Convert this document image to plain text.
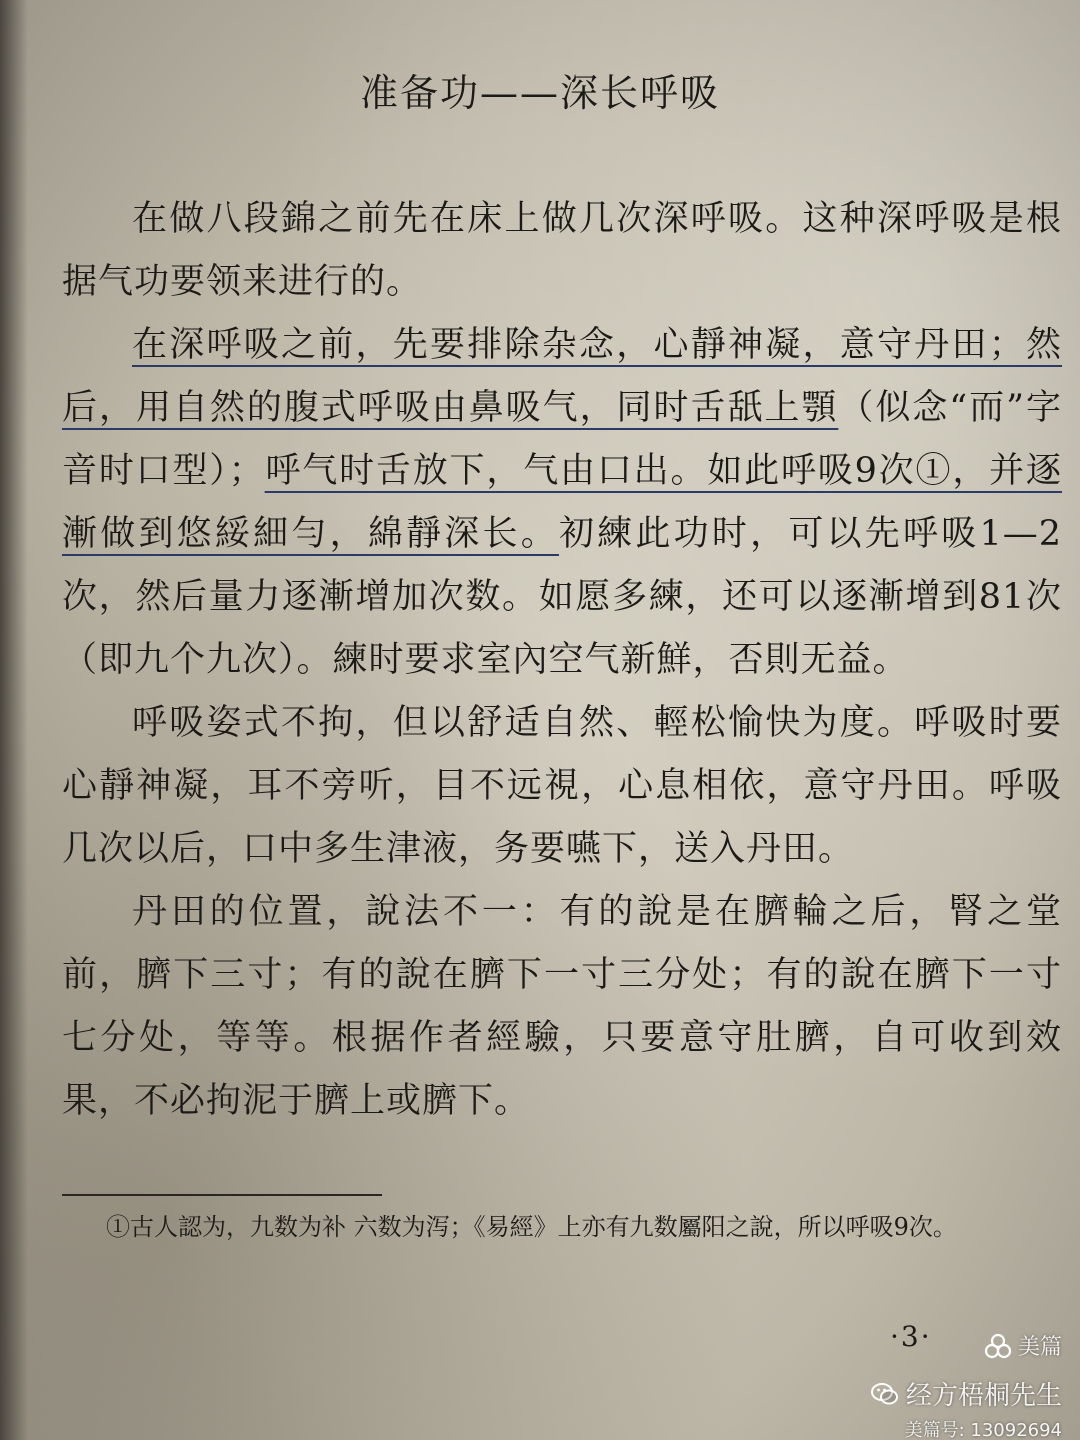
准备功——深长呼吸

在做八段錦之前先在床上做几次深呼吸。这种深呼吸是根据气功要领来进行的。

在深呼吸之前，先要排除杂念，心靜神凝，意守丹田；然后，用自然的腹式呼吸由鼻吸气，同时舌舐上顎（似念“而”字音时口型）；呼气时舌放下，气由口出。如此呼吸9次①，并逐漸做到悠綏細勻，綿靜深长。初練此功时，可以先呼吸1—2次，然后量力逐漸增加次数。如愿多練，还可以逐漸增到81次（即九个九次）。練时要求室內空气新鮮，否則无益。

呼吸姿式不拘，但以舒适自然、輕松愉快为度。呼吸时要心靜神凝，耳不旁听，目不远視，心息相依，意守丹田。呼吸几次以后，口中多生津液，务要嚥下，送入丹田。

丹田的位置，說法不一：有的說是在臍輪之后，腎之堂前，臍下三寸；有的說在臍下一寸三分处；有的說在臍下一寸七分处，等等。根据作者經驗，只要意守肚臍，自可收到效果，不必拘泥于臍上或臍下。

①古人認为，九数为补 六数为泻；《易經》上亦有九数屬阳之說，所以呼吸9次。

·3·	美篇
经方梧桐先生
美篇号: 13092694
